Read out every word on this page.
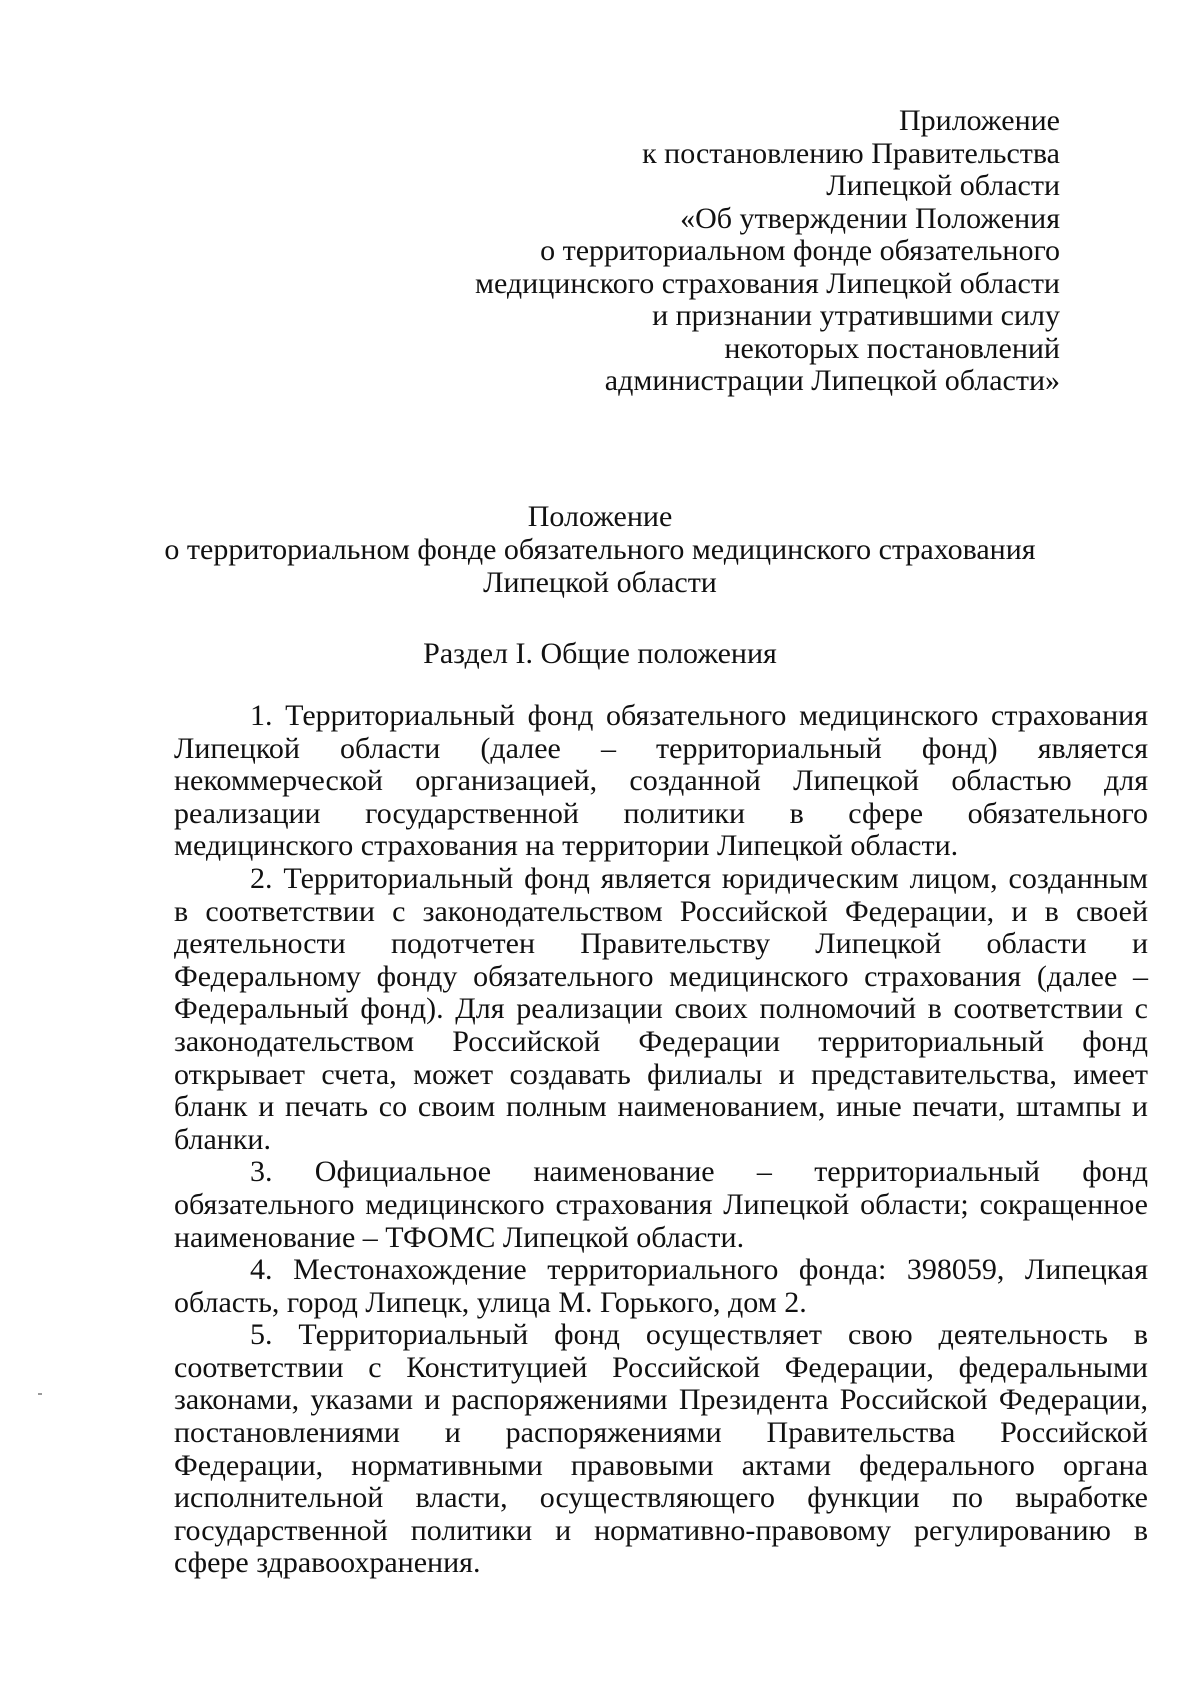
Приложение
к постановлению Правительства
Липецкой области
«Об утверждении Положения
о территориальном фонде обязательного
медицинского страхования Липецкой области
и признании утратившими силу
некоторых постановлений
администрации Липецкой области»
Положение
о территориальном фонде обязательного медицинского страхования
Липецкой области
Раздел I. Общие положения

1. Территориальный фонд обязательного медицинского страхования Липецкой области (далее – территориальный фонд) является некоммерческой организацией, созданной Липецкой областью для реализации государственной политики в сфере обязательного медицинского страхования на территории Липецкой области.

2. Территориальный фонд является юридическим лицом, созданным в соответствии с законодательством Российской Федерации, и в своей деятельности подотчетен Правительству Липецкой области и Федеральному фонду обязательного медицинского страхования (далее – Федеральный фонд). Для реализации своих полномочий в соответствии с законодательством Российской Федерации территориальный фонд открывает счета, может создавать филиалы и представительства, имеет бланк и печать со своим полным наименованием, иные печати, штампы и бланки.

3. Официальное наименование – территориальный фонд обязательного медицинского страхования Липецкой области; сокращенное наименование – ТФОМС Липецкой области.

4. Местонахождение территориального фонда: 398059, Липецкая область, город Липецк, улица М. Горького, дом 2.

5. Территориальный фонд осуществляет свою деятельность в соответствии с Конституцией Российской Федерации, федеральными законами, указами и распоряжениями Президента Российской Федерации, постановлениями и распоряжениями Правительства Российской Федерации, нормативными правовыми актами федерального органа исполнительной власти, осуществляющего функции по выработке государственной политики и нормативно-правовому регулированию в сфере здравоохранения.
